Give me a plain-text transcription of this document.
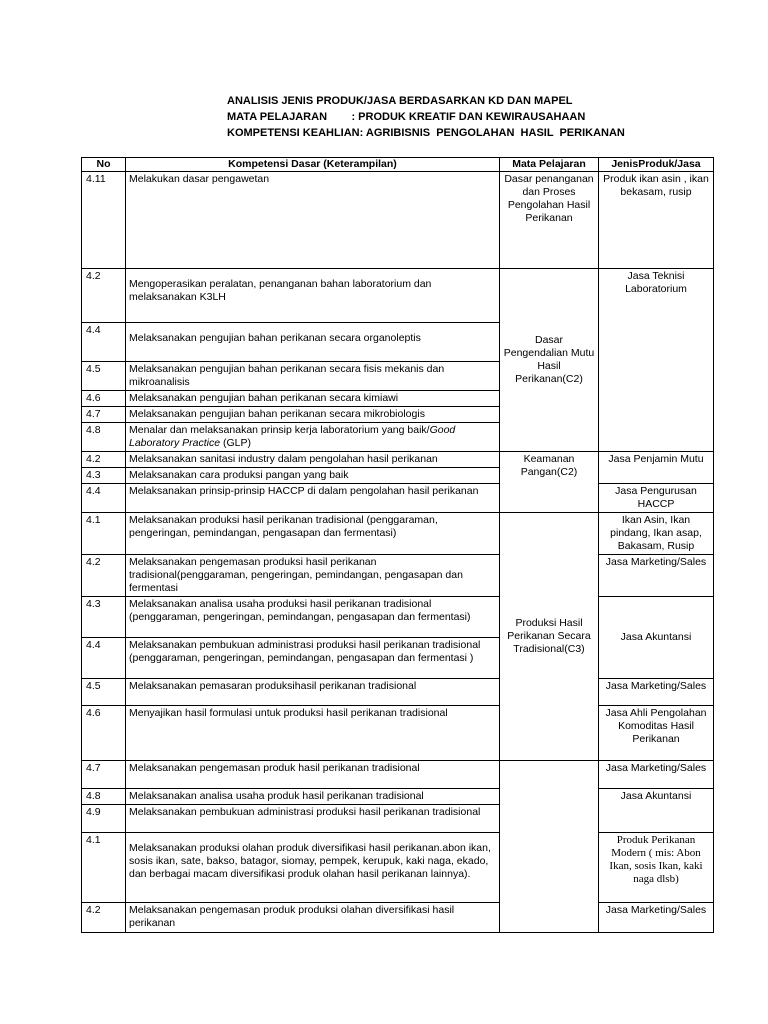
ANALISIS JENIS PRODUK/JASA BERDASARKAN KD DAN MAPEL
MATA PELAJARAN        : PRODUK KREATIF DAN KEWIRAUSAHAAN
KOMPETENSI KEAHLIAN: AGRIBISNIS  PENGOLAHAN  HASIL  PERIKANAN
No	Kompetensi Dasar (Keterampilan)	Mata Pelajaran	JenisProduk/Jasa
4.11	Melakukan dasar pengawetan	Dasar penanganan dan Proses Pengolahan Hasil Perikanan	Produk ikan asin , ikan bekasam, rusip
4.2	Mengoperasikan peralatan, penanganan bahan laboratorium dan melaksanakan K3LH	Dasar Pengendalian Mutu Hasil Perikanan(C2)	Jasa Teknisi Laboratorium
4.4	Melaksanakan pengujian bahan perikanan secara organoleptis		
4.5	Melaksanakan pengujian bahan perikanan secara fisis mekanis dan mikroanalisis		
4.6	Melaksanakan pengujian bahan perikanan secara kimiawi		
4.7	Melaksanakan pengujian bahan perikanan secara mikrobiologis		
4.8	Menalar dan melaksanakan prinsip kerja laboratorium yang baik/Good Laboratory Practice (GLP)		
4.2	Melaksanakan sanitasi industry dalam pengolahan hasil perikanan	Keamanan Pangan(C2)	Jasa Penjamin Mutu
4.3	Melaksanakan cara produksi pangan yang baik		
4.4	Melaksanakan prinsip-prinsip HACCP di dalam pengolahan hasil perikanan		Jasa Pengurusan HACCP
4.1	Melaksanakan produksi hasil perikanan tradisional (penggaraman, pengeringan, pemindangan, pengasapan dan fermentasi)	Produksi Hasil Perikanan Secara Tradisional(C3)	Ikan Asin, Ikan pindang, Ikan asap, Bakasam, Rusip
4.2	Melaksanakan pengemasan produksi hasil perikanan tradisional(penggaraman, pengeringan, pemindangan, pengasapan dan fermentasi		Jasa Marketing/Sales
4.3	Melaksanakan analisa usaha produksi hasil perikanan tradisional (penggaraman, pengeringan, pemindangan, pengasapan dan fermentasi)		Jasa Akuntansi
4.4	Melaksanakan pembukuan administrasi produksi hasil perikanan tradisional (penggaraman, pengeringan, pemindangan, pengasapan dan fermentasi )		
4.5	Melaksanakan pemasaran produksihasil perikanan tradisional		Jasa Marketing/Sales
4.6	Menyajikan hasil formulasi untuk produksi hasil perikanan tradisional		Jasa Ahli Pengolahan Komoditas Hasil Perikanan
4.7	Melaksanakan pengemasan produk hasil perikanan tradisional		Jasa Marketing/Sales
4.8	Melaksanakan analisa usaha produk hasil perikanan tradisional		Jasa Akuntansi
4.9	Melaksanakan pembukuan administrasi produksi hasil perikanan tradisional		
4.1	Melaksanakan produksi olahan produk diversifikasi hasil perikanan.abon ikan, sosis ikan, sate, bakso, batagor, siomay, pempek, kerupuk, kaki naga, ekado, dan berbagai macam diversifikasi produk olahan hasil perikanan lainnya).		Produk Perikanan Modern ( mis: Abon Ikan, sosis Ikan, kaki naga dlsb)
4.2	Melaksanakan pengemasan produk produksi olahan diversifikasi hasil perikanan		Jasa Marketing/Sales
